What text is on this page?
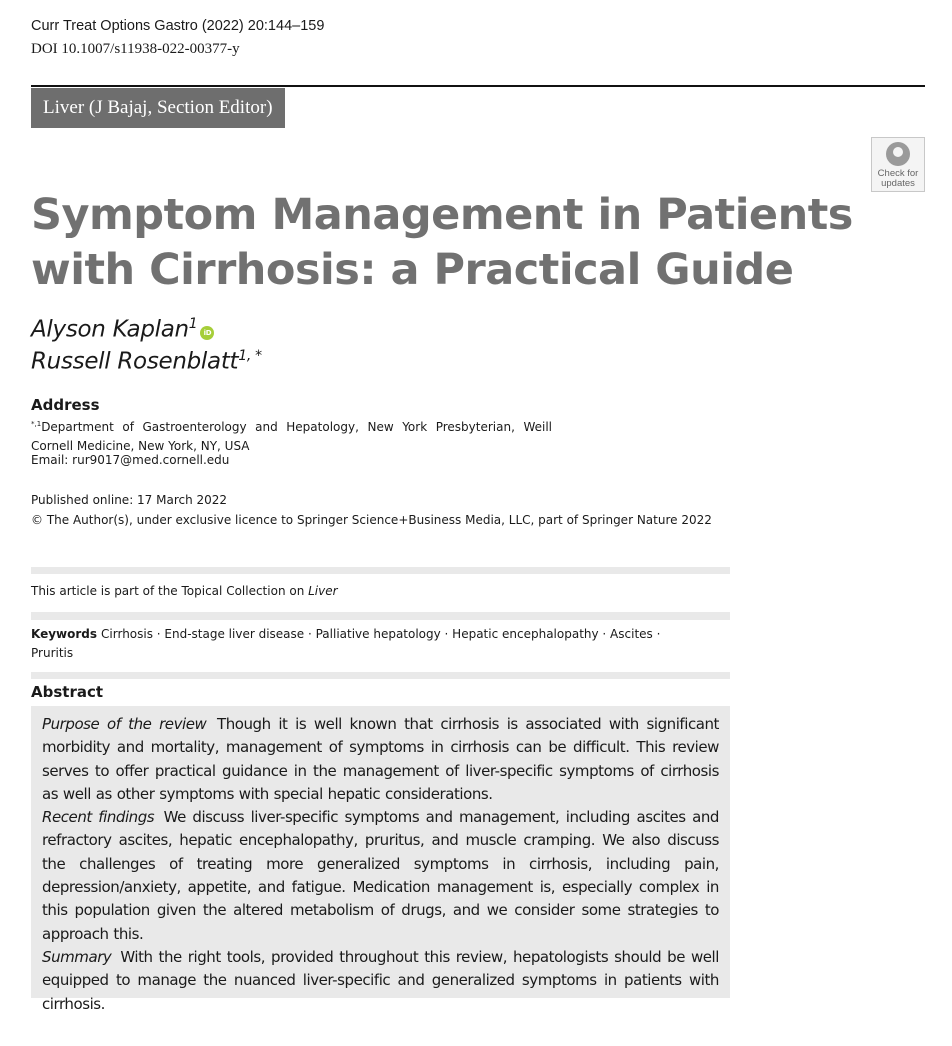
Curr Treat Options Gastro (2022) 20:144–159
DOI 10.1007/s11938-022-00377-y
Liver (J Bajaj, Section Editor)
Check for
updates
Symptom Management in Patients
with Cirrhosis: a Practical Guide
Alyson Kaplan$^1$iD
Russell Rosenblatt$^{1, *}$
Address
$^{*,1}$Department of Gastroenterology and Hepatology, New York Presbyterian, Weill Cornell Medicine, New York, NY, USA
Email: rur9017@med.cornell.edu
Published online: 17 March 2022
© The Author(s), under exclusive licence to Springer Science+Business Media, LLC, part of Springer Nature 2022
This article is part of the Topical Collection on Liver
Keywords Cirrhosis · End-stage liver disease · Palliative hepatology · Hepatic encephalopathy · Ascites · Pruritis
Abstract

Purpose of the review Though it is well known that cirrhosis is associated with significant morbidity and mortality, management of symptoms in cirrhosis can be difficult. This review serves to offer practical guidance in the management of liver-specific symptoms of cirrhosis as well as other symptoms with special hepatic considerations.

Recent findings We discuss liver-specific symptoms and management, including ascites and refractory ascites, hepatic encephalopathy, pruritus, and muscle cramping. We also discuss the challenges of treating more generalized symptoms in cirrhosis, including pain, depression/anxiety, appetite, and fatigue. Medication management is, especially complex in this population given the altered metabolism of drugs, and we consider some strategies to approach this.

Summary With the right tools, provided throughout this review, hepatologists should be well equipped to manage the nuanced liver-specific and generalized symptoms in patients with cirrhosis.
